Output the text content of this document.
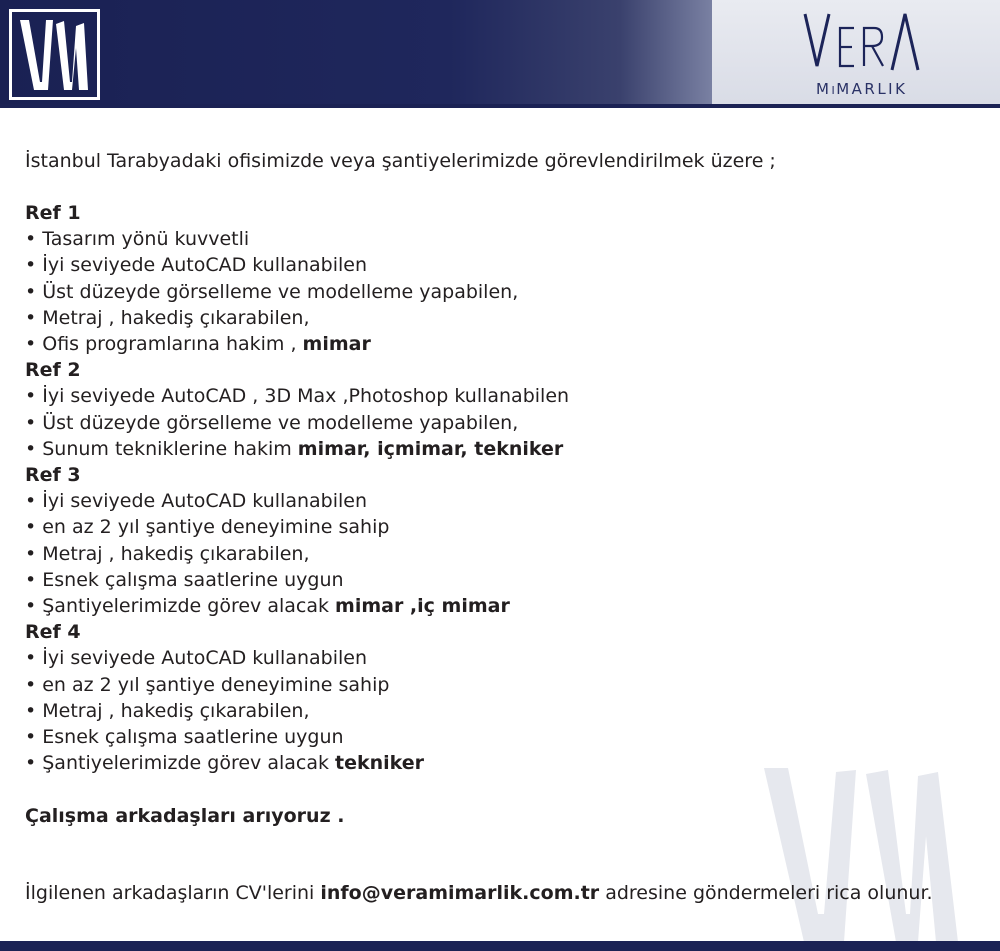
MIMARLIK
İstanbul Tarabyadaki ofisimizde veya şantiyelerimizde görevlendirilmek üzere ;
Ref 1
• Tasarım yönü kuvvetli
• İyi seviyede AutoCAD kullanabilen
• Üst düzeyde görselleme ve modelleme yapabilen,
• Metraj , hakediş çıkarabilen,
• Ofis programlarına hakim , mimar
Ref 2
• İyi seviyede AutoCAD , 3D Max ,Photoshop kullanabilen
• Üst düzeyde görselleme ve modelleme yapabilen,
• Sunum tekniklerine hakim mimar, içmimar, tekniker
Ref 3
• İyi seviyede AutoCAD kullanabilen
• en az 2 yıl şantiye deneyimine sahip
• Metraj , hakediş çıkarabilen,
• Esnek çalışma saatlerine uygun
• Şantiyelerimizde görev alacak mimar ,iç mimar
Ref 4
• İyi seviyede AutoCAD kullanabilen
• en az 2 yıl şantiye deneyimine sahip
• Metraj , hakediş çıkarabilen,
• Esnek çalışma saatlerine uygun
• Şantiyelerimizde görev alacak tekniker
Çalışma arkadaşları arıyoruz .
İlgilenen arkadaşların CV'lerini info@veramimarlik.com.tr adresine göndermeleri rica olunur.
